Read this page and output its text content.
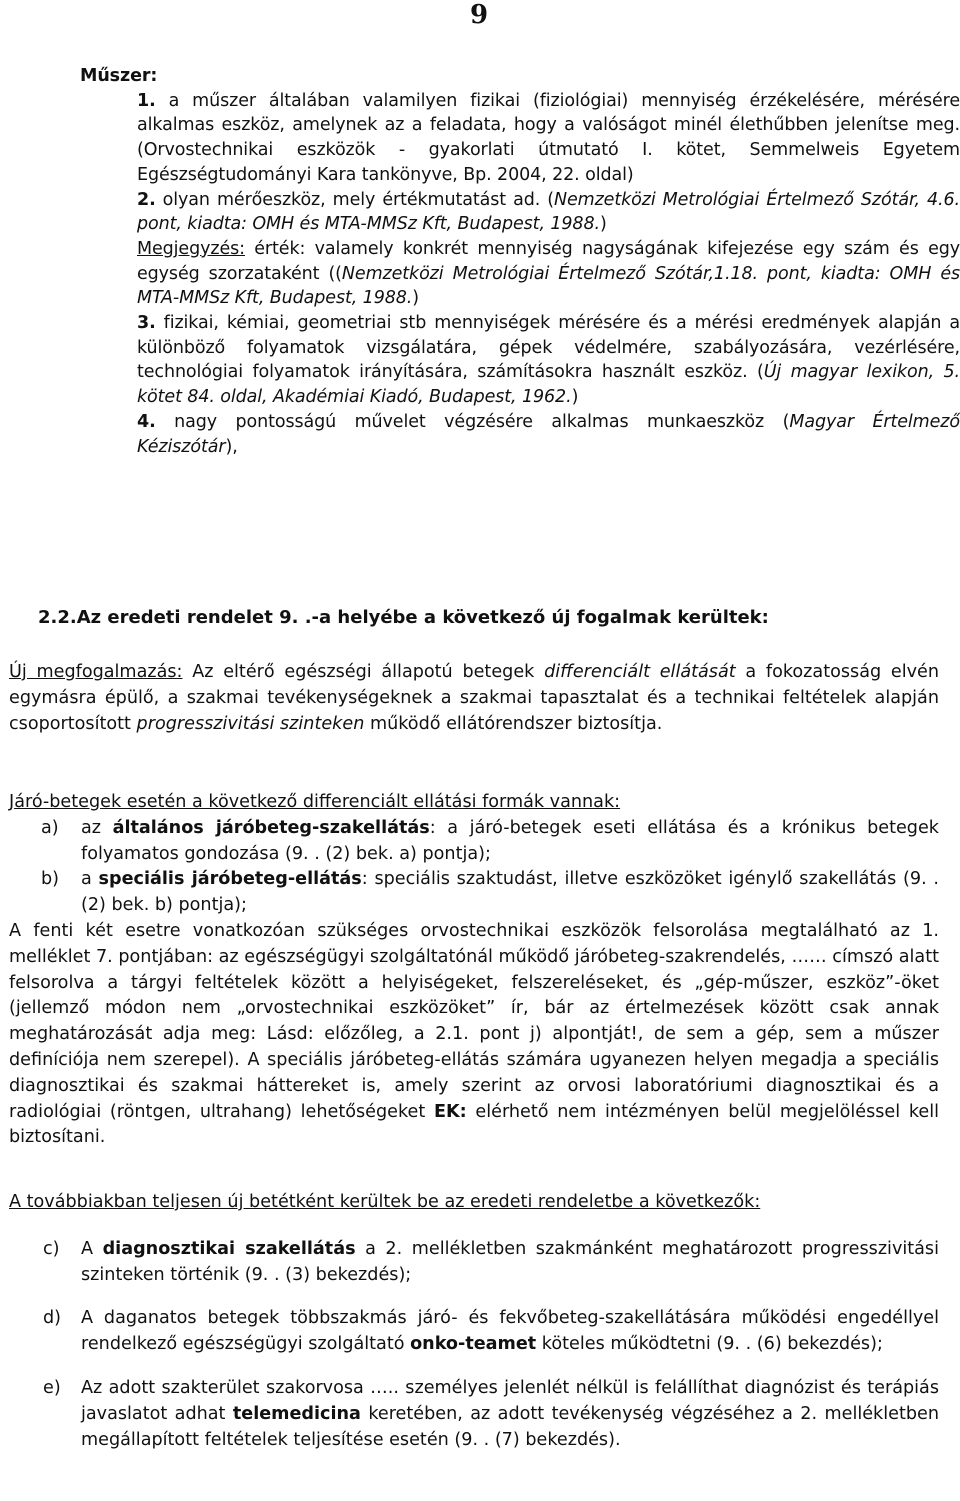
9
Műszer:
1. a műszer általában valamilyen fizikai (fiziológiai) mennyiség érzékelésére, mérésére alkalmas eszköz, amelynek az a feladata, hogy a valóságot minél élethűbben jelenítse meg. (Orvostechnikai eszközök - gyakorlati útmutató I. kötet, Semmelweis Egyetem Egészségtudományi Kara tankönyve, Bp. 2004, 22. oldal)
2. olyan mérőeszköz, mely értékmutatást ad. (Nemzetközi Metrológiai Értelmező Szótár, 4.6. pont, kiadta: OMH és MTA-MMSz Kft, Budapest, 1988.)
Megjegyzés: érték: valamely konkrét mennyiség nagyságának kifejezése egy szám és egy egység szorzataként ((Nemzetközi Metrológiai Értelmező Szótár,1.18. pont, kiadta: OMH és MTA-MMSz Kft, Budapest, 1988.)
3. fizikai, kémiai, geometriai stb mennyiségek mérésére és a mérési eredmények alapján a különböző folyamatok vizsgálatára, gépek védelmére, szabályozására, vezérlésére, technológiai folyamatok irányítására, számításokra használt eszköz. (Új magyar lexikon, 5. kötet 84. oldal, Akadémiai Kiadó, Budapest, 1962.)
4. nagy pontosságú művelet végzésére alkalmas munkaeszköz (Magyar Értelmező Kéziszótár),
2.2.Az eredeti rendelet 9. .-a helyébe a következő új fogalmak kerültek:
Új megfogalmazás: Az eltérő egészségi állapotú betegek differenciált ellátását a fokozatosság elvén egymásra épülő, a szakmai tevékenységeknek a szakmai tapasztalat és a technikai feltételek alapján csoportosított progresszivitási szinteken működő ellátórendszer biztosítja.
Járó-betegek esetén a következő differenciált ellátási formák vannak:
a) az általános járóbeteg-szakellátás: a járó-betegek eseti ellátása és a krónikus betegek folyamatos gondozása (9. . (2) bek. a) pontja);
b) a speciális járóbeteg-ellátás: speciális szaktudást, illetve eszközöket igénylő szakellátás (9. . (2) bek. b) pontja);
A fenti két esetre vonatkozóan szükséges orvostechnikai eszközök felsorolása megtalálható az 1. melléklet 7. pontjában: az egészségügyi szolgáltatónál működő járóbeteg-szakrendelés, …… címszó alatt felsorolva a tárgyi feltételek között a helyiségeket, felszereléseket, és „gép-műszer, eszköz”-öket (jellemző módon nem „orvostechnikai eszközöket” ír, bár az értelmezések között csak annak meghatározását adja meg: Lásd: előzőleg, a 2.1. pont j) alpontját!, de sem a gép, sem a műszer definíciója nem szerepel). A speciális járóbeteg-ellátás számára ugyanezen helyen megadja a speciális diagnosztikai és szakmai háttereket is, amely szerint az orvosi laboratóriumi diagnosztikai és a radiológiai (röntgen, ultrahang) lehetőségeket EK: elérhető nem intézményen belül megjelöléssel kell biztosítani.
A továbbiakban teljesen új betétként kerültek be az eredeti rendeletbe a következők:
c) A diagnosztikai szakellátás a 2. mellékletben szakmánként meghatározott progresszivitási szinteken történik (9. . (3) bekezdés);
d) A daganatos betegek többszakmás járó- és fekvőbeteg-szakellátására működési engedéllyel rendelkező egészségügyi szolgáltató onko-teamet köteles működtetni (9. . (6) bekezdés);
e) Az adott szakterület szakorvosa ….. személyes jelenlét nélkül is felállíthat diagnózist és terápiás javaslatot adhat telemedicina keretében, az adott tevékenység végzéséhez a 2. mellékletben megállapított feltételek teljesítése esetén (9. . (7) bekezdés).
